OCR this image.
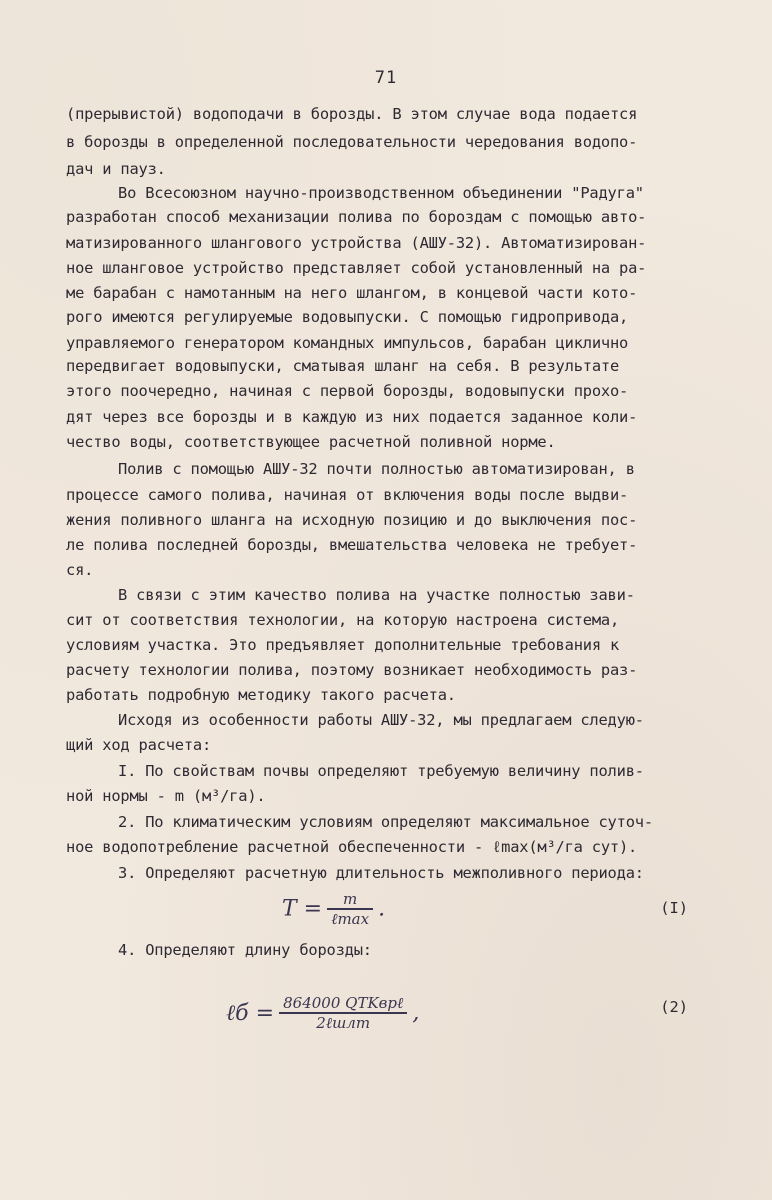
71
(прерывистой) водоподачи в борозды. В этом случае вода подается
в борозды в определенной последовательности чередования водопо-
дач и пауз.
Во Всесоюзном научно-производственном объединении "Радуга"
разработан способ механизации полива по бороздам с помощью авто-
матизированного шлангового устройства (АШУ-32). Автоматизирован-
ное шланговое устройство представляет собой установленный на ра-
ме барабан с намотанным на него шлангом, в концевой части кото-
рого имеются регулируемые водовыпуски. С помощью гидропривода,
управляемого генератором командных импульсов, барабан циклично
передвигает водовыпуски, сматывая шланг на себя. В результате
этого поочередно, начиная с первой борозды, водовыпуски прохо-
дят через все борозды и в каждую из них подается заданное коли-
чество воды, соответствующее расчетной поливной норме.
Полив с помощью АШУ-32 почти полностью автоматизирован, в
процессе самого полива, начиная от включения воды после выдви-
жения поливного шланга на исходную позицию и до выключения пос-
ле полива последней борозды, вмешательства человека не требует-
ся.
В связи с этим качество полива на участке полностью зави-
сит от соответствия технологии, на которую настроена система,
условиям участка. Это предъявляет дополнительные требования к
расчету технологии полива, поэтому возникает необходимость раз-
работать подробную методику такого расчета.
Исходя из особенности работы АШУ-32, мы предлагаем следую-
щий ход расчета:
I. По свойствам почвы определяют требуемую величину полив-
ной нормы - m (м³/га).
2. По климатическим условиям определяют максимальное суточ-
ное водопотребление расчетной обеспеченности - ℓmax(м³/га сут).
3. Определяют расчетную длительность межполивного периода:
$T = \frac{m}{\text{ℓmax}}$ .	(I)
4. Определяют длину борозды:
ℓб = $\frac{\text{864000 QTKвpℓ}}{\text{2ℓшлт}}$ ,	(2)
